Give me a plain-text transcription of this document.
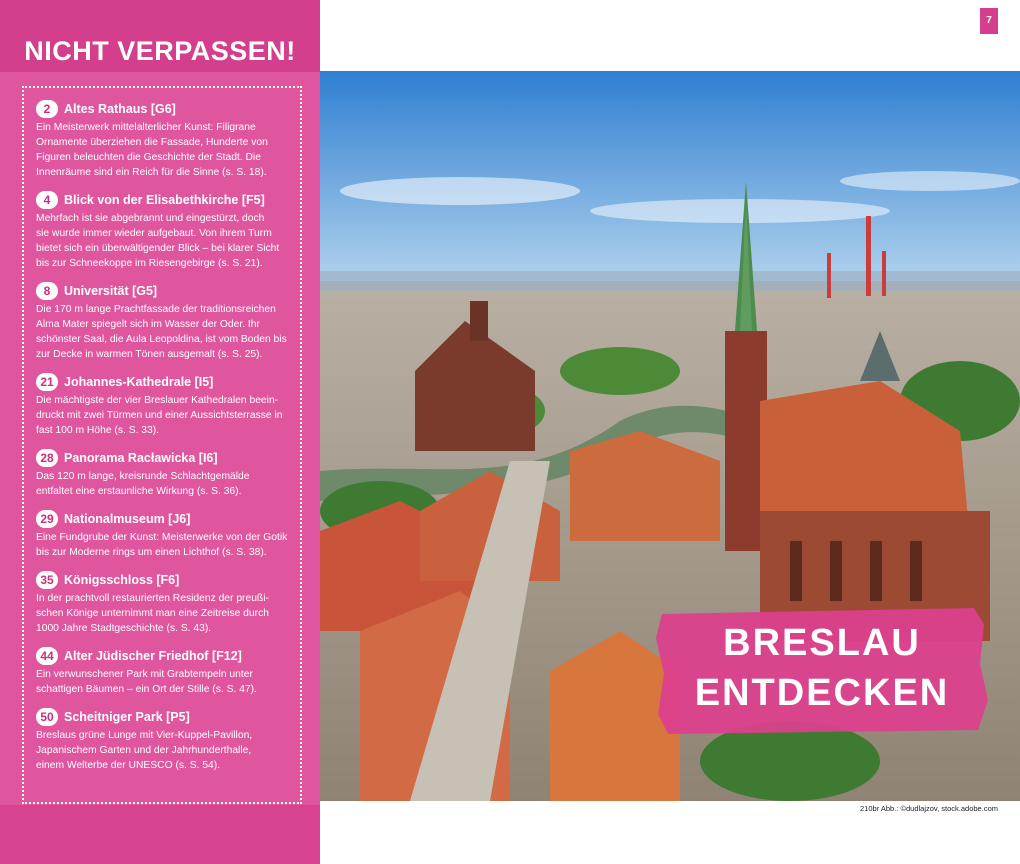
NICHT VERPASSEN!
2	Altes Rathaus [G6]
Ein Meisterwerk mittelalterlicher Kunst: Filigrane
Ornamente überziehen die Fassade, Hunderte von
Figuren beleuchten die Geschichte der Stadt. Die
Innenräume sind ein Reich für die Sinne (s. S. 18).
4	Blick von der Elisabethkirche [F5]
Mehrfach ist sie abgebrannt und eingestürzt, doch
sie wurde immer wieder aufgebaut. Von ihrem Turm
bietet sich ein überwältigender Blick – bei klarer Sicht
bis zur Schneekoppe im Riesengebirge (s. S. 21).
8	Universität [G5]
Die 170 m lange Prachtfassade der traditionsreichen
Alma Mater spiegelt sich im Wasser der Oder. Ihr
schönster Saal, die Aula Leopoldina, ist vom Boden bis
zur Decke in warmen Tönen ausgemalt (s. S. 25).
21 Johannes-Kathedrale [I5]
Die mächtigste der vier Breslauer Kathedralen beein-
druckt mit zwei Türmen und einer Aussichtsterrasse in
fast 100 m Höhe (s. S. 33).
28 Panorama Racławicka [I6]
Das 120 m lange, kreisrunde Schlachtgemälde
entfaltet eine erstaunliche Wirkung (s. S. 36).
29 Nationalmuseum [J6]
Eine Fundgrube der Kunst: Meisterwerke von der Gotik
bis zur Moderne rings um einen Lichthof (s. S. 38).
35 Königsschloss [F6]
In der prachtvoll restaurierten Residenz der preußi-
schen Könige unternimmt man eine Zeitreise durch
1000 Jahre Stadtgeschichte (s. S. 43).
44 Alter Jüdischer Friedhof [F12]
Ein verwunschener Park mit Grabtempeln unter
schattigen Bäumen – ein Ort der Stille (s. S. 47).
50 Scheitniger Park [P5]
Breslaus grüne Lunge mit Vier-Kuppel-Pavillon,
Japanischem Garten und der Jahrhunderthalle,
einem Welterbe der UNESCO (s. S. 54).
7
BRESLAU
ENTDECKEN
210br Abb.: ©dudlajzov, stock.adobe.com
